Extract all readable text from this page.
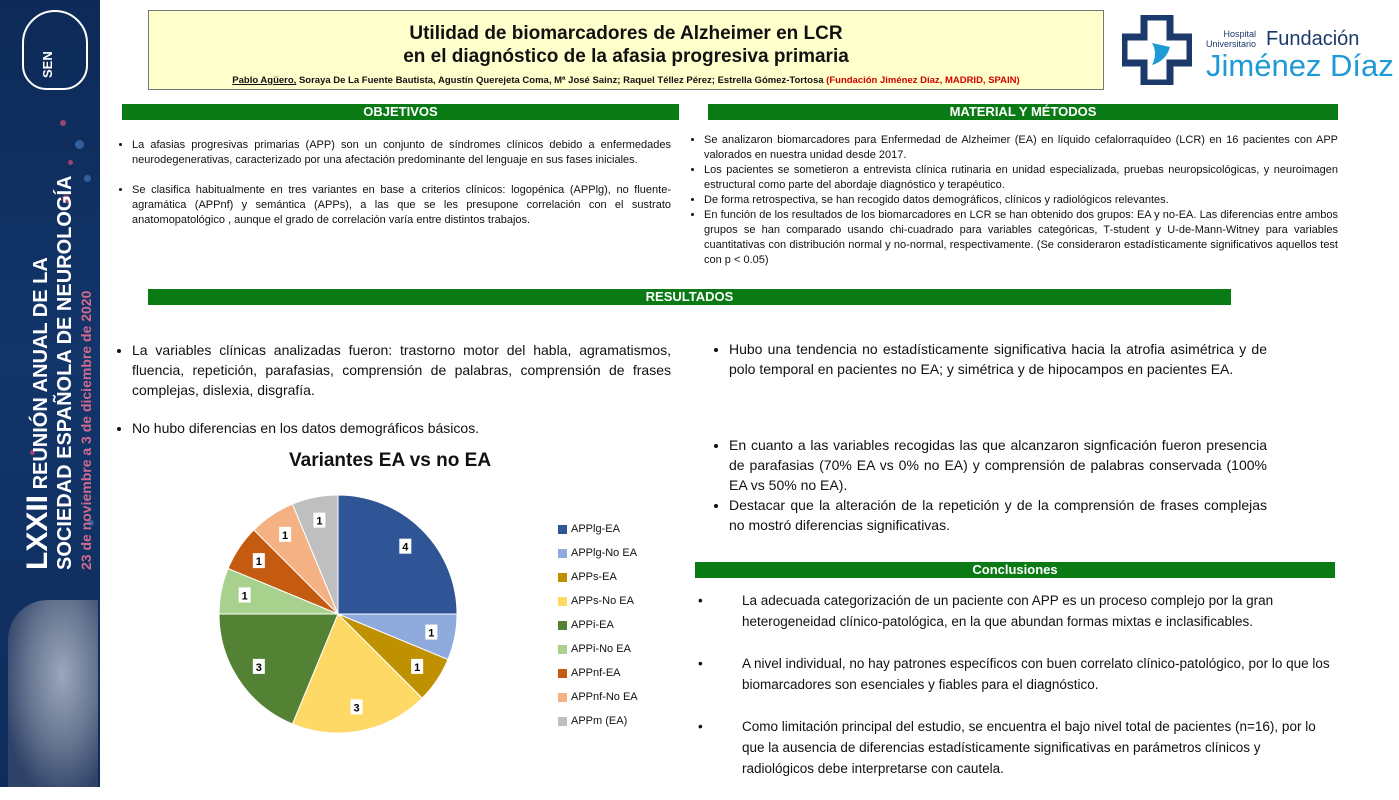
SEN
LXXII REUNIÓN ANUAL DE LA SOCIEDAD ESPAÑOLA DE NEUROLOGÍA 23 de noviembre a 3 de diciembre de 2020
Utilidad de biomarcadores de Alzheimer en LCR
en el diagnóstico de la afasia progresiva primaria
Pablo Agüero, Soraya De La Fuente Bautista, Agustín Querejeta Coma, Mª José Sainz; Raquel Téllez Pérez; Estrella Gómez-Tortosa (Fundación Jiménez Díaz, MADRID, SPAIN)
Hospital
Universitario Fundación
Jiménez Díaz
OBJETIVOS	MATERIAL Y MÉTODOS
RESULTADOS
Conclusiones
• La afasias progresivas primarias (APP) son un conjunto de síndromes clínicos debido a enfermedades neurodegenerativas, caracterizado por una afectación predominante del lenguaje en sus fases iniciales.
• Se clasifica habitualmente en tres variantes en base a criterios clínicos: logopénica (APPlg), no fluente-agramática (APPnf) y semántica (APPs), a las que se les presupone correlación con el sustrato anatomopatológico , aunque el grado de correlación varía entre distintos trabajos.
• Se analizaron biomarcadores para Enfermedad de Alzheimer (EA) en líquido cefalorraquídeo (LCR) en 16 pacientes con APP valorados en nuestra unidad desde 2017.
• Los pacientes se sometieron a entrevista clínica rutinaria en unidad especializada, pruebas neuropsicológicas, y neuroimagen estructural como parte del abordaje diagnóstico y terapéutico.
• De forma retrospectiva, se han recogido datos demográficos, clínicos y radiológicos relevantes.
• En función de los resultados de los biomarcadores en LCR se han obtenido dos grupos: EA y no-EA. Las diferencias entre ambos grupos se han comparado usando chi-cuadrado para variables categóricas, T-student y U-de-Mann-Witney para variables cuantitativas con distribución normal y no-normal, respectivamente. (Se consideraron estadísticamente significativos aquellos test con p < 0.05)
• La variables clínicas analizadas fueron: trastorno motor del habla, agramatismos, fluencia, repetición, parafasias, comprensión de palabras, comprensión de frases complejas, dislexia, disgrafía.
• No hubo diferencias en los datos demográficos básicos.
• Hubo una tendencia no estadísticamente significativa hacia la atrofia asimétrica y de polo temporal en pacientes no EA; y simétrica y de hipocampos en pacientes EA.
• En cuanto a las variables recogidas las que alcanzaron signficación fueron presencia de parafasias (70% EA vs 0% no EA) y comprensión de palabras conservada (100% EA vs 50% no EA).
• Destacar que la alteración de la repetición y de la comprensión de frases complejas no mostró diferencias significativas.
•	La adecuada categorización de un paciente con APP es un proceso complejo por la gran heterogeneidad clínico-patológica, en la que abundan formas mixtas e inclasificables.
•	A nivel individual, no hay patrones específicos con buen correlato clínico-patológico, por lo que los biomarcadores son esenciales y fiables para el diagnóstico.
•	Como limitación principal del estudio, se encuentra el bajo nivel total de pacientes (n=16), por lo que la ausencia de diferencias estadísticamente significativas en parámetros clínicos y radiológicos debe interpretarse con cautela.
Variantes EA vs no EA
4
1
1
3
3
1
1
1
1
APPlg-EA
APPlg-No EA
APPs-EA
APPs-No EA
APPi-EA
APPi-No EA
APPnf-EA
APPnf-No EA
APPm (EA)
